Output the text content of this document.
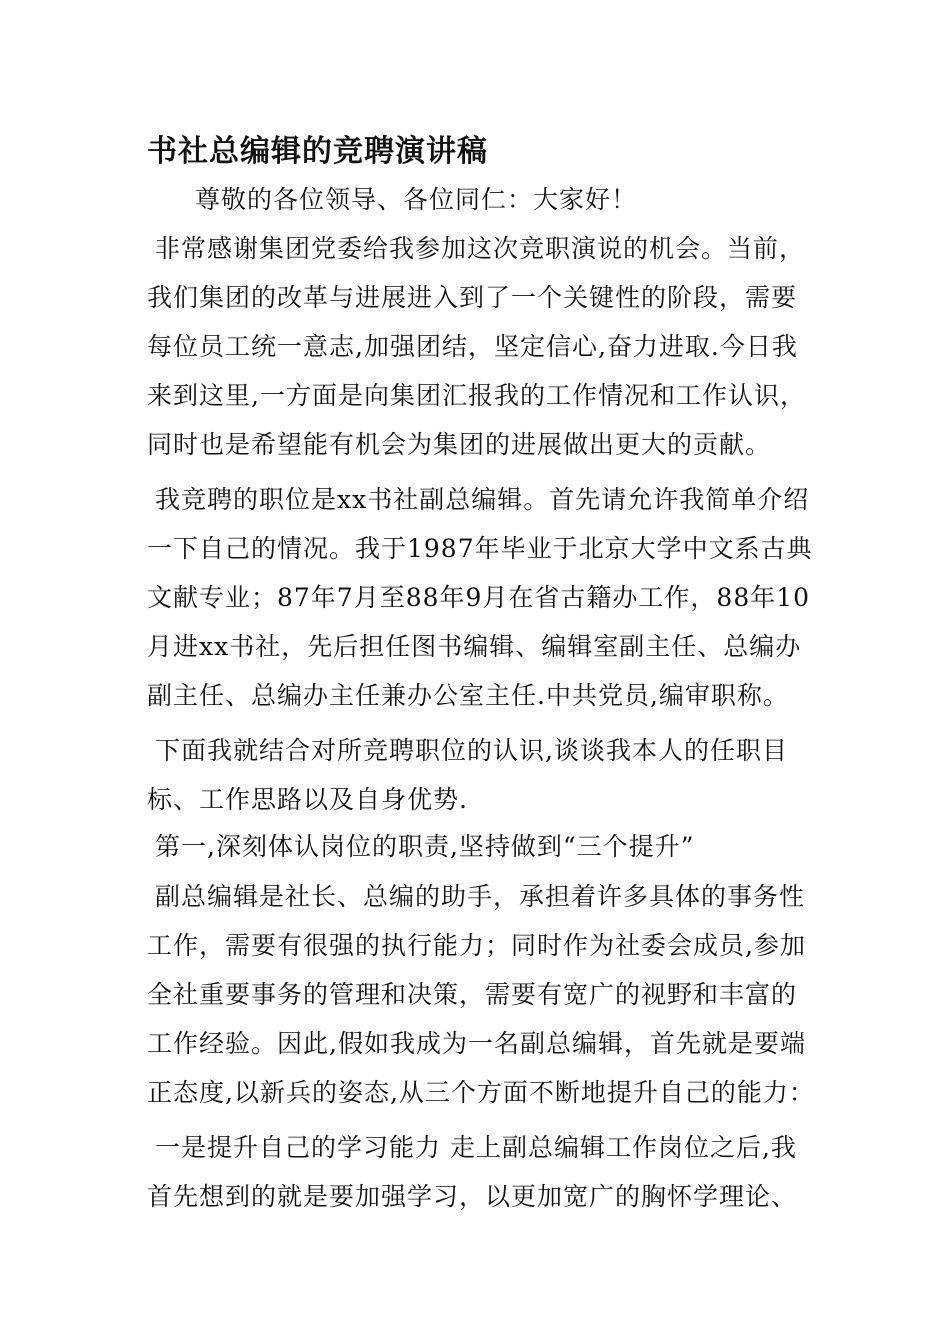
书社总编辑的竞聘演讲稿
尊敬的各位领导、各位同仁：大家好！
非常感谢集团党委给我参加这次竞职演说的机会。当前，
我们集团的改革与进展进入到了一个关键性的阶段，需要
每位员工统一意志,加强团结，坚定信心,奋力进取.今日我
来到这里,一方面是向集团汇报我的工作情况和工作认识，
同时也是希望能有机会为集团的进展做出更大的贡献。
我竞聘的职位是xx书社副总编辑。首先请允许我简单介绍
一下自己的情况。我于1987年毕业于北京大学中文系古典
文献专业；87年7月至88年9月在省古籍办工作，88年10
月进xx书社，先后担任图书编辑、编辑室副主任、总编办
副主任、总编办主任兼办公室主任.中共党员,编审职称。
下面我就结合对所竞聘职位的认识,谈谈我本人的任职目
标、工作思路以及自身优势.
第一,深刻体认岗位的职责,坚持做到“三个提升”
副总编辑是社长、总编的助手，承担着许多具体的事务性
工作，需要有很强的执行能力；同时作为社委会成员,参加
全社重要事务的管理和决策，需要有宽广的视野和丰富的
工作经验。因此,假如我成为一名副总编辑，首先就是要端
正态度,以新兵的姿态,从三个方面不断地提升自己的能力：
一是提升自己的学习能力 走上副总编辑工作岗位之后,我
首先想到的就是要加强学习，以更加宽广的胸怀学理论、
